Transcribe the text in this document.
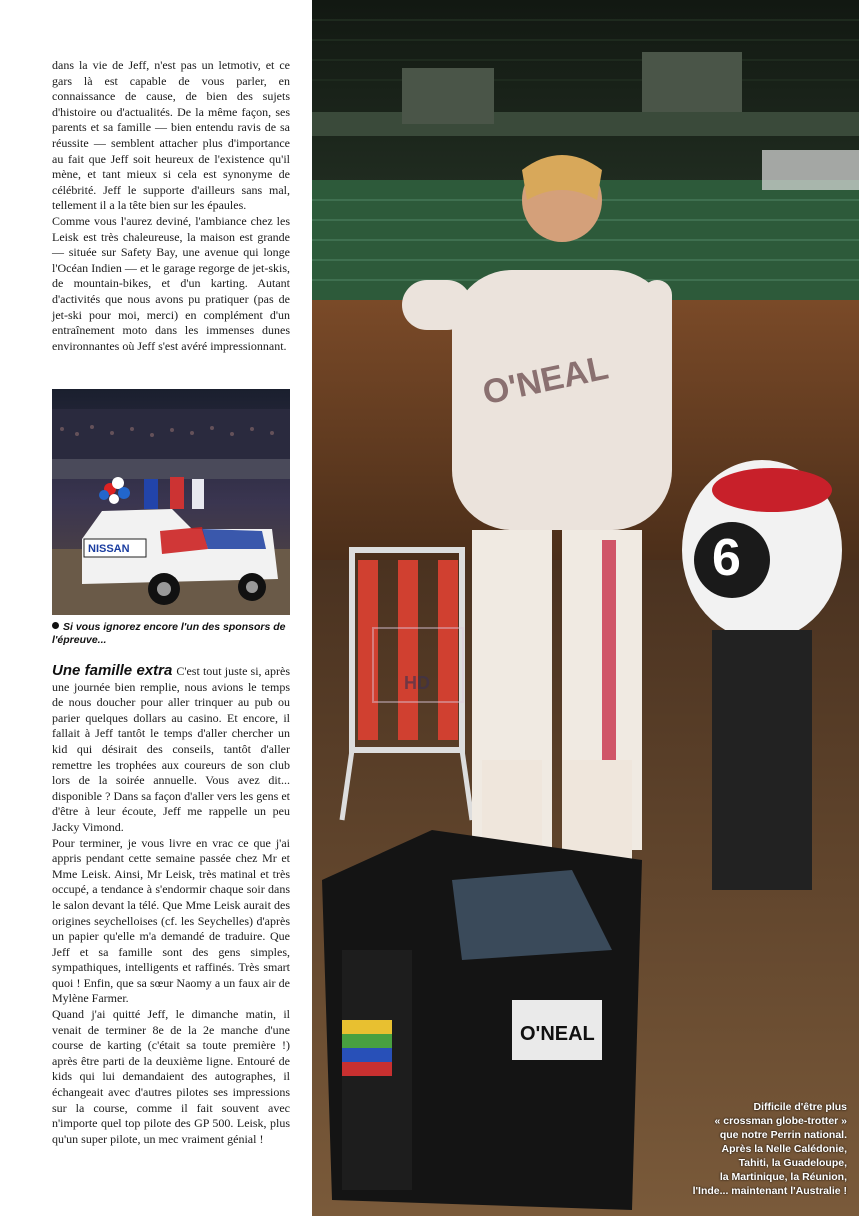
dans la vie de Jeff, n'est pas un letmotiv, et ce gars là est capable de vous parler, en connaissance de cause, de bien des sujets d'histoire ou d'actualités. De la même façon, ses parents et sa famille — bien entendu ravis de sa réussite — semblent attacher plus d'importance au fait que Jeff soit heureux de l'existence qu'il mène, et tant mieux si cela est synonyme de célébrité. Jeff le supporte d'ailleurs sans mal, tellement il a la tête bien sur les épaules.

Comme vous l'aurez deviné, l'ambiance chez les Leisk est très chaleureuse, la maison est grande — située sur Safety Bay, une avenue qui longe l'Océan Indien — et le garage regorge de jet-skis, de mountain-bikes, et d'un karting. Autant d'activités que nous avons pu pratiquer (pas de jet-ski pour moi, merci) en complément d'un entraînement moto dans les immenses dunes environnantes où Jeff s'est avéré impressionnant.

NISSAN
Si vous ignorez encore l'un des sponsors de l'épreuve...

Une famille extra C'est tout juste si, après une journée bien remplie, nous avions le temps de nous doucher pour aller trinquer au pub ou parier quelques dollars au casino. Et encore, il fallait à Jeff tantôt le temps d'aller chercher un kid qui désirait des conseils, tantôt d'aller remettre les trophées aux coureurs de son club lors de la soirée annuelle. Vous avez dit... disponible ? Dans sa façon d'aller vers les gens et d'être à leur écoute, Jeff me rappelle un peu Jacky Vimond.

Pour terminer, je vous livre en vrac ce que j'ai appris pendant cette semaine passée chez Mr et Mme Leisk. Ainsi, Mr Leisk, très matinal et très occupé, a tendance à s'endormir chaque soir dans le salon devant la télé. Que Mme Leisk aurait des origines seychelloises (cf. les Seychelles) d'après un papier qu'elle m'a demandé de traduire. Que Jeff et sa famille sont des gens simples, sympathiques, intelligents et raffinés. Très smart quoi ! Enfin, que sa sœur Naomy a un faux air de Mylène Farmer.

Quand j'ai quitté Jeff, le dimanche matin, il venait de terminer 8e de la 2e manche d'une course de karting (c'était sa toute première !) après être parti de la deuxième ligne. Entouré de kids qui lui demandaient des autographes, il échangeait avec d'autres pilotes ses impressions sur la course, comme il fait souvent avec n'importe quel top pilote des GP 500. Leisk, plus qu'un super pilote, un mec vraiment génial !

6
O'NEAL
O'NEAL
Difficile d'être plus
« crossman globe-trotter »
que notre Perrin national.
Après la Nelle Calédonie,
Tahiti, la Guadeloupe,
la Martinique, la Réunion,
l'Inde... maintenant l'Australie !
HD
